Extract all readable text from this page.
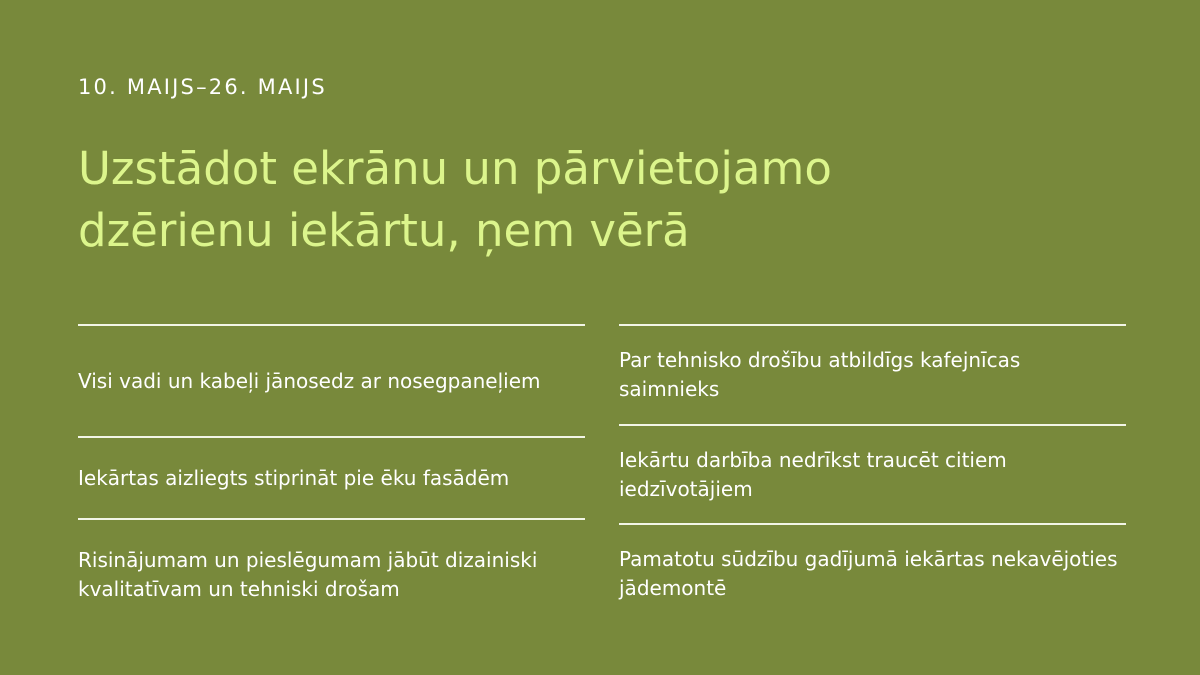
10. MAIJS–26. MAIJS
Uzstādot ekrānu un pārvietojamo
dzērienu iekārtu, ņem vērā
Visi vadi un kabeļi jānosedz ar nosegpaneļiem
Iekārtas aizliegts stiprināt pie ēku fasādēm
Risinājumam un pieslēgumam jābūt dizainiski kvalitatīvam un tehniski drošam
Par tehnisko drošību atbildīgs kafejnīcas saimnieks
Iekārtu darbība nedrīkst traucēt citiem iedzīvotājiem
Pamatotu sūdzību gadījumā iekārtas nekavējoties jādemontē
